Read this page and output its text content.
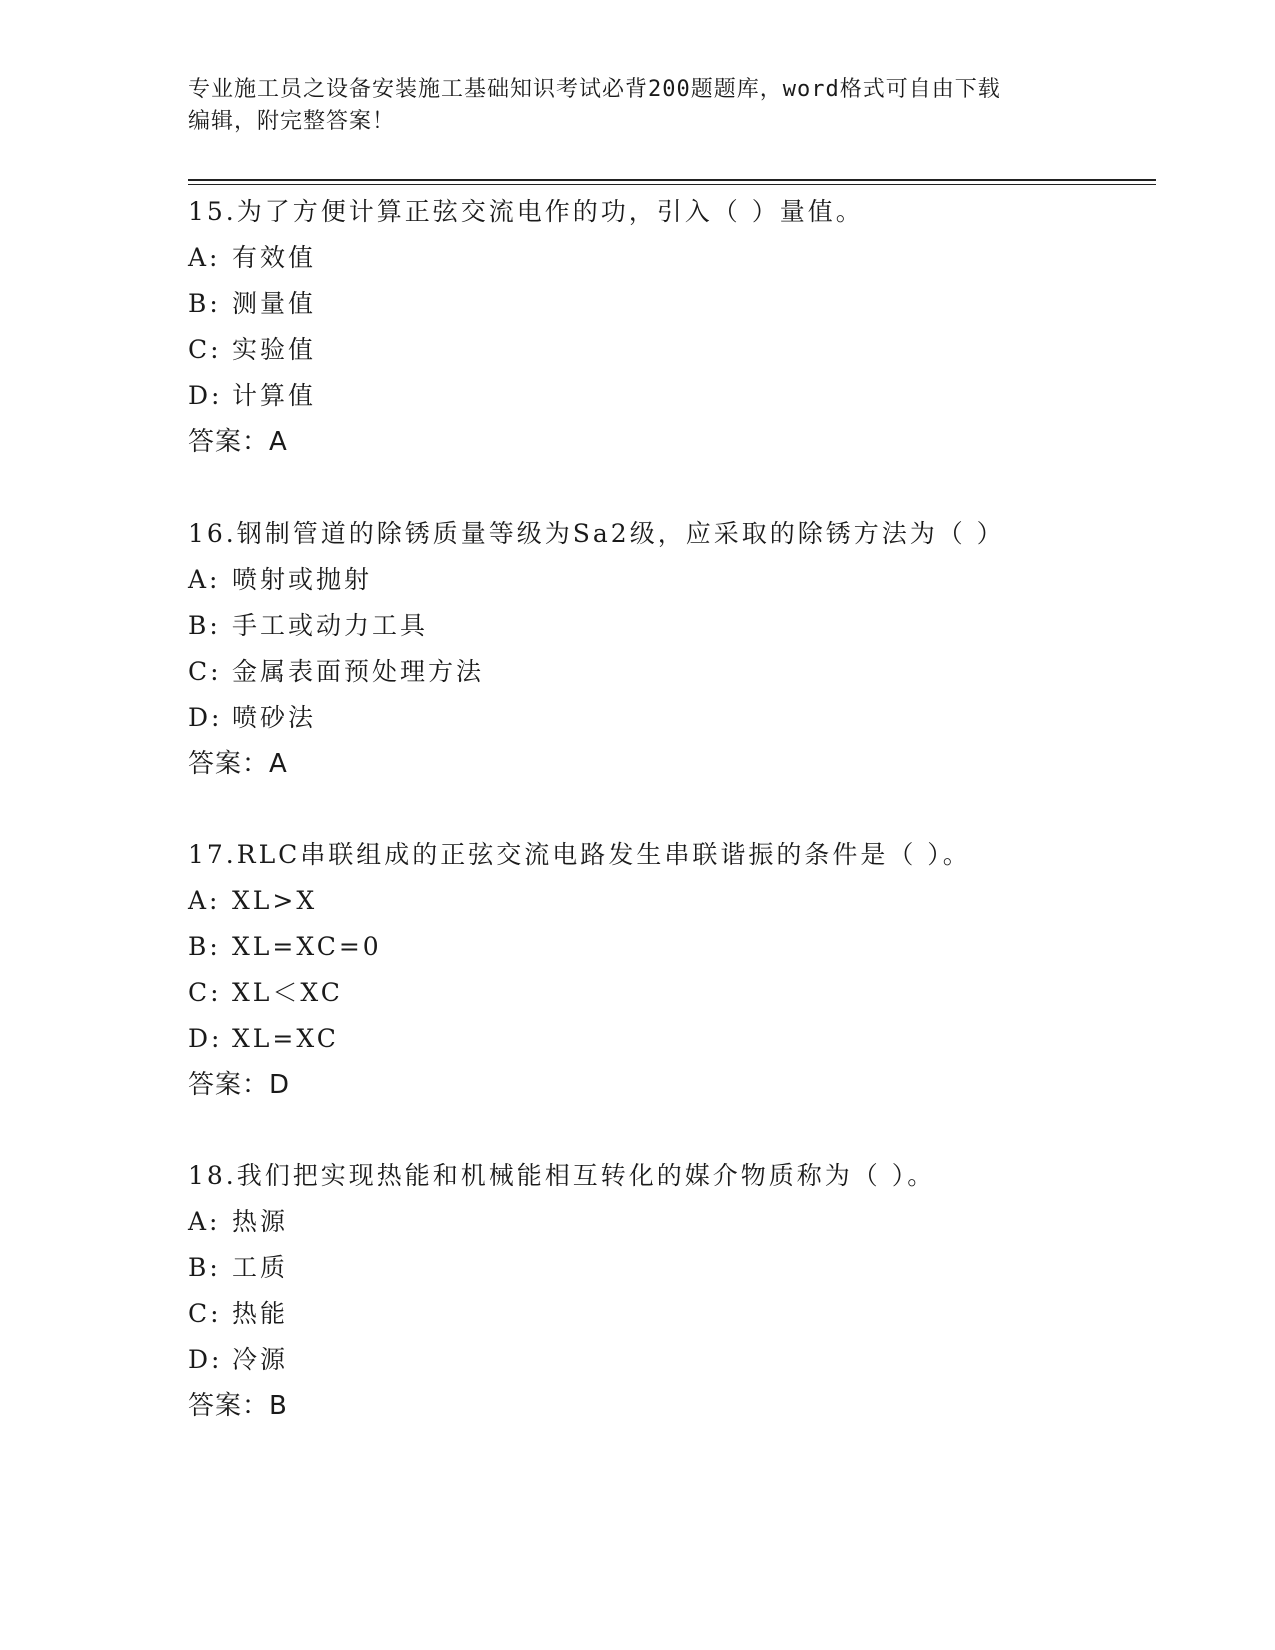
专业施工员之设备安装施工基础知识考试必背200题题库，word格式可自由下载
编辑，附完整答案！
15.为了方便计算正弦交流电作的功，引入（ ）量值。
A: 有效值
B: 测量值
C: 实验值
D: 计算值
答案：A
16.钢制管道的除锈质量等级为Sa2级，应采取的除锈方法为（ ）
A: 喷射或抛射
B: 手工或动力工具
C: 金属表面预处理方法
D: 喷砂法
答案：A
17.RLC串联组成的正弦交流电路发生串联谐振的条件是（ ）。
A: XL>X
B: XL=XC=0
C: XL＜XC
D: XL=XC
答案：D
18.我们把实现热能和机械能相互转化的媒介物质称为（ ）。
A: 热源
B: 工质
C: 热能
D: 冷源
答案：B
